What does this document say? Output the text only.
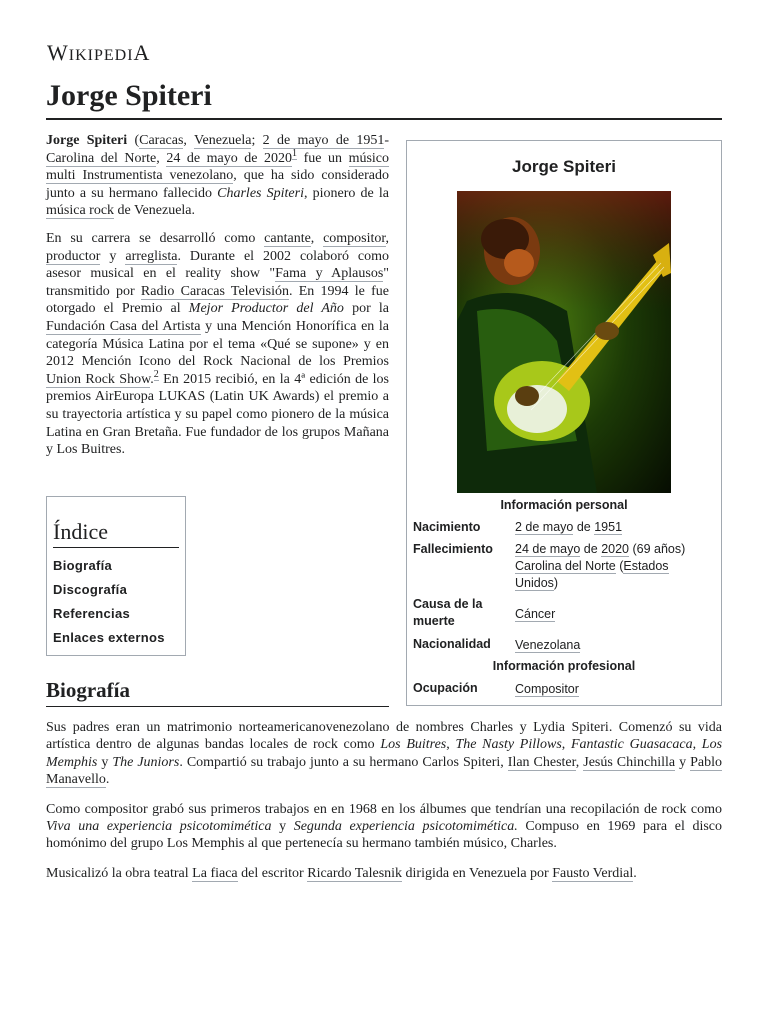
WIKIPEDIA
Jorge Spiteri

Jorge Spiteri (Caracas, Venezuela; 2 de mayo de 1951-Carolina del Norte, 24 de mayo de 2020$^1$ fue un músico multi Instrumentista venezolano, que ha sido considerado junto a su hermano fallecido Charles Spiteri, pionero de la música rock de Venezuela.

En su carrera se desarrolló como cantante, compositor, productor y arreglista. Durante el 2002 colaboró como asesor musical en el reality show "Fama y Aplausos" transmitido por Radio Caracas Televisión. En 1994 le fue otorgado el Premio al Mejor Productor del Año por la Fundación Casa del Artista y una Mención Honorífica en la categoría Música Latina por el tema «Qué se supone» y en 2012 Mención Icono del Rock Nacional de los Premios Union Rock Show.$^2$ En 2015 recibió, en la 4ª edición de los premios AirEuropa LUKAS (Latin UK Awards) el premio a su trayectoria artística y su papel como pionero de la música Latina en Gran Bretaña. Fue fundador de los grupos Mañana y Los Buitres.

Jorge Spiteri
Información personal
Nacimiento	2 de mayo de 1951
Fallecimiento	24 de mayo de 2020 (69 años)
Carolina del Norte (Estados Unidos)
Causa de la muerte	Cáncer
Nacionalidad	Venezolana
Información profesional
Ocupación	Compositor
Índice
Biografía
Discografía
Referencias
Enlaces externos
Biografía

Sus padres eran un matrimonio norteamericanovenezolano de nombres Charles y Lydia Spiteri. Comenzó su vida artística dentro de algunas bandas locales de rock como Los Buitres, The Nasty Pillows, Fantastic Guasacaca, Los Memphis y The Juniors. Compartió su trabajo junto a su hermano Carlos Spiteri, Ilan Chester, Jesús Chinchilla y Pablo Manavello.

Como compositor grabó sus primeros trabajos en en 1968 en los álbumes que tendrían una recopilación de rock como Viva una experiencia psicotomimética y Segunda experiencia psicotomimética. Compuso en 1969 para el disco homónimo del grupo Los Memphis al que pertenecía su hermano también músico, Charles.

Musicalizó la obra teatral La fiaca del escritor Ricardo Talesnik dirigida en Venezuela por Fausto Verdial.
